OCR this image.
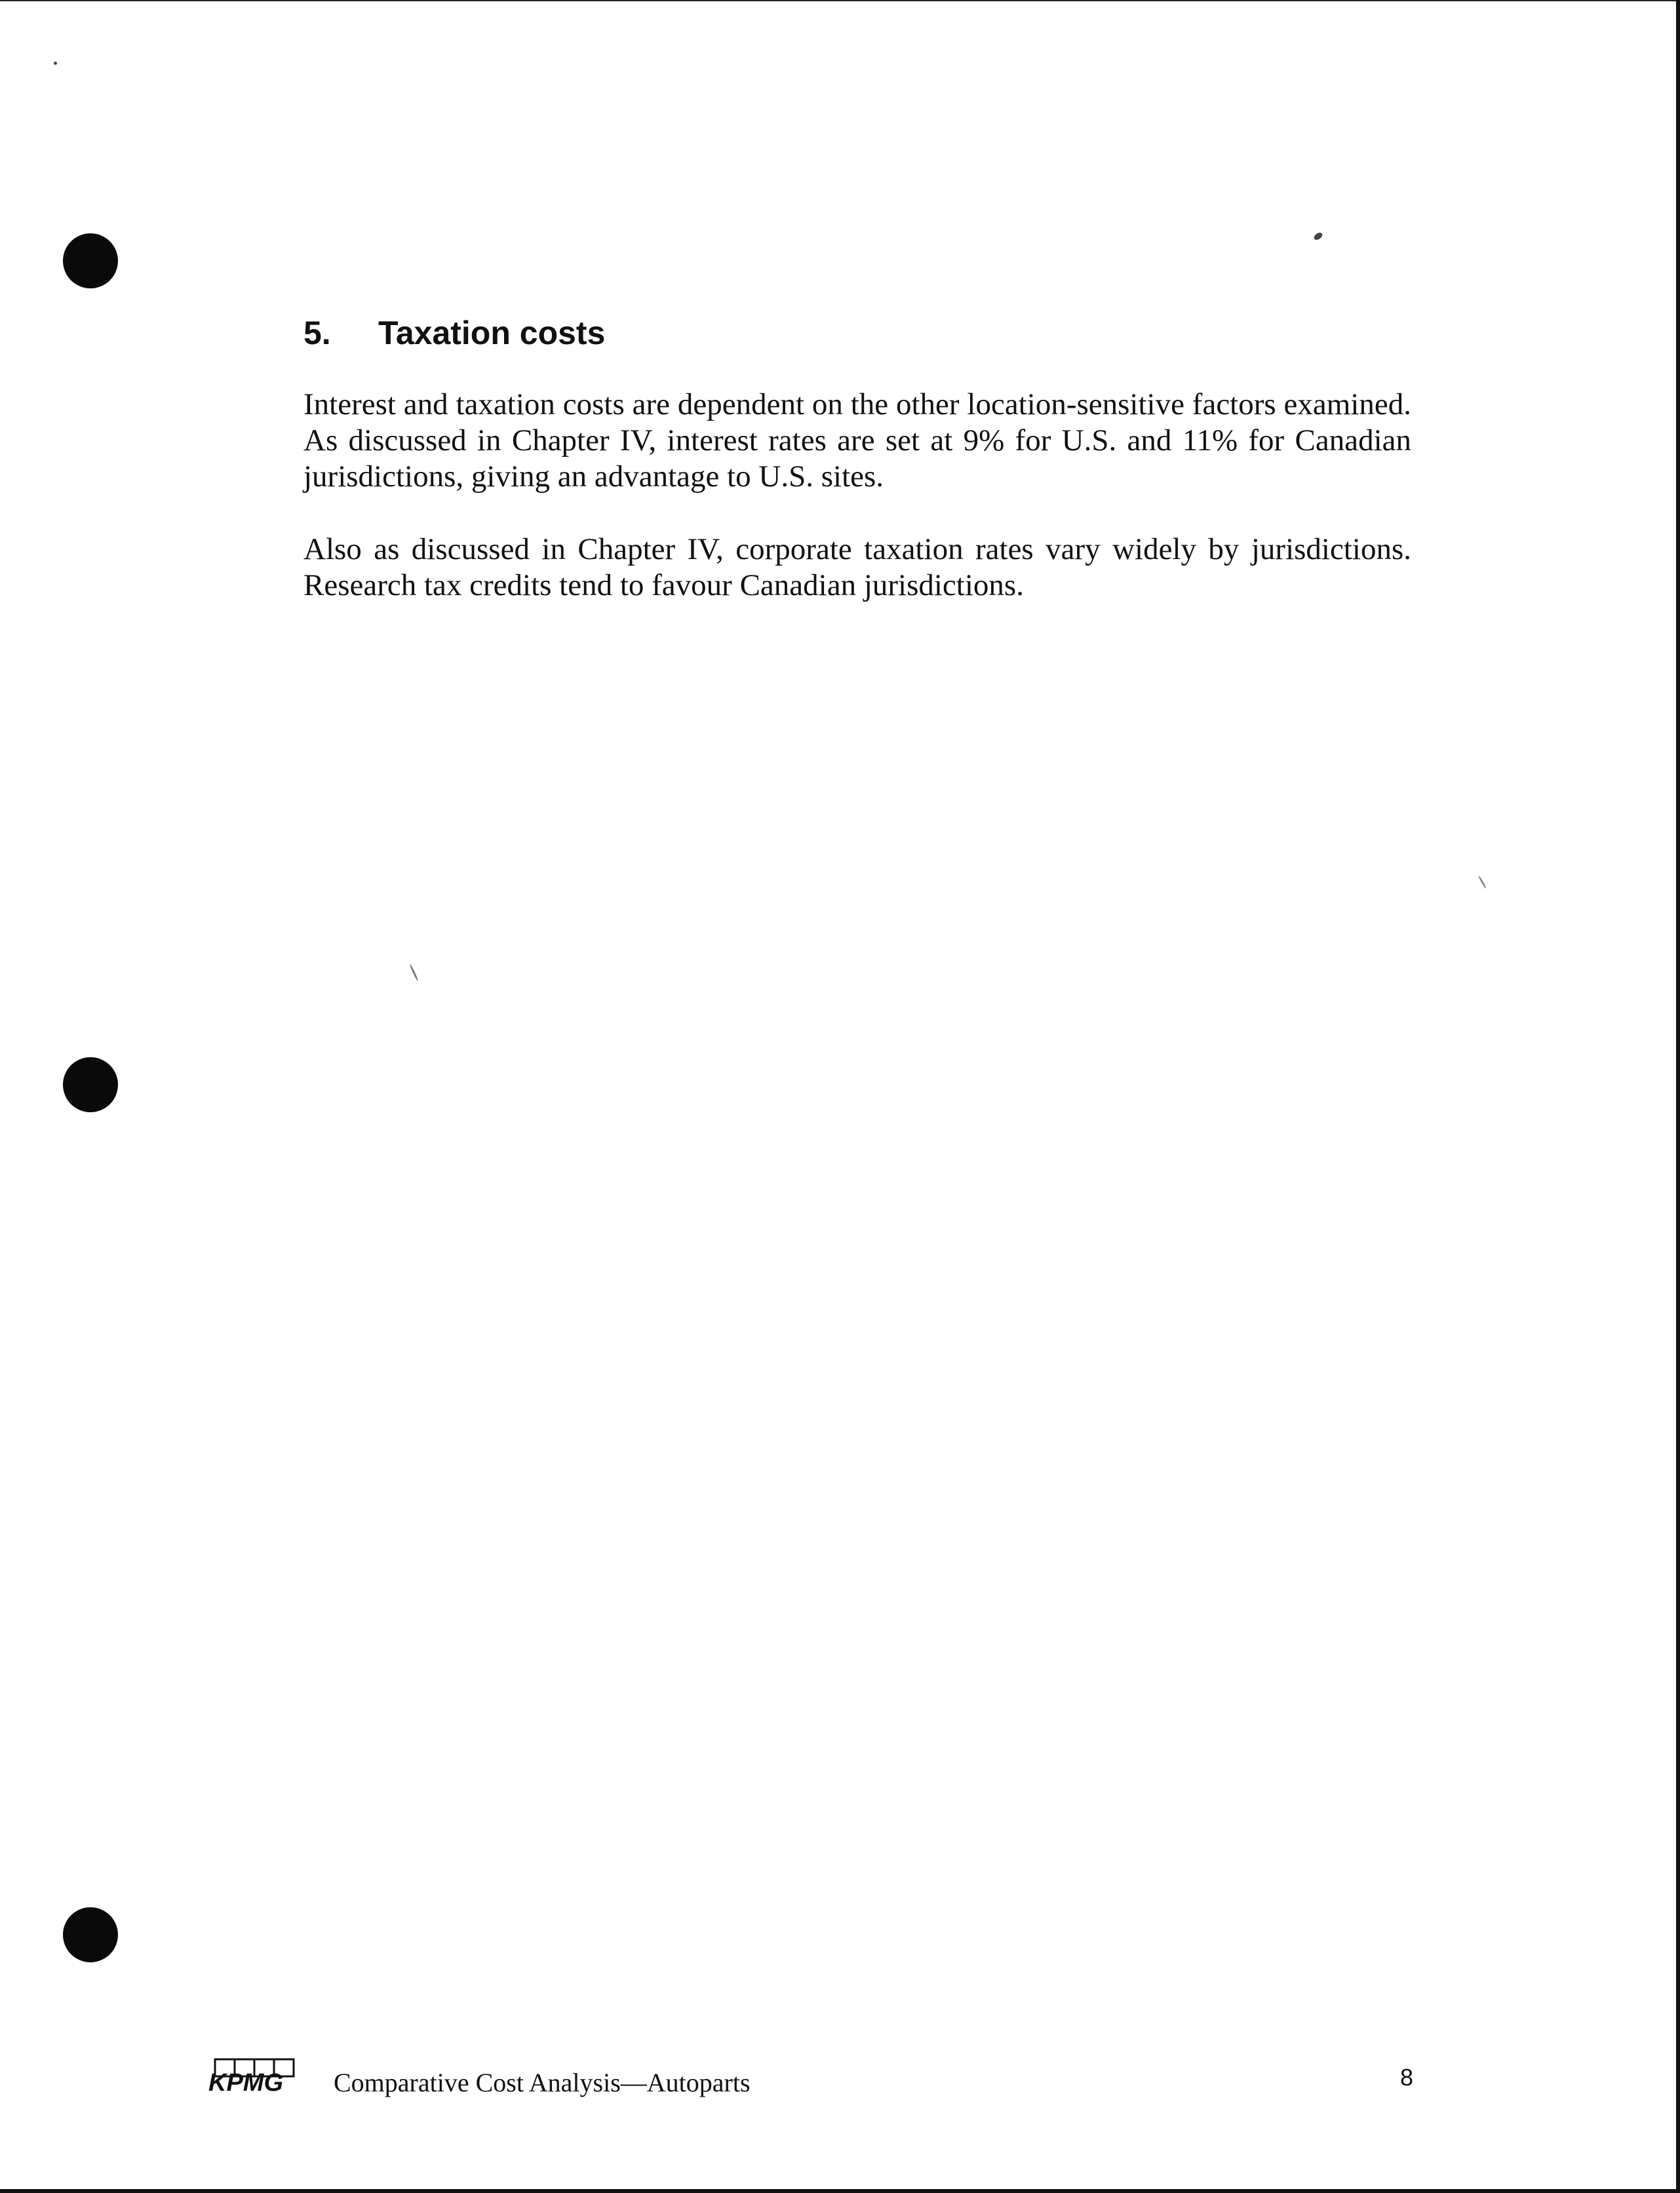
5. Taxation costs

Interest and taxation costs are dependent on the other location-sensitive factors examined. As discussed in Chapter IV, interest rates are set at 9% for U.S. and 11% for Canadian jurisdictions, giving an advantage to U.S. sites.

Also as discussed in Chapter IV, corporate taxation rates vary widely by jurisdictions. Research tax credits tend to favour Canadian jurisdictions.

KPMG Comparative Cost Analysis—Autoparts	8
